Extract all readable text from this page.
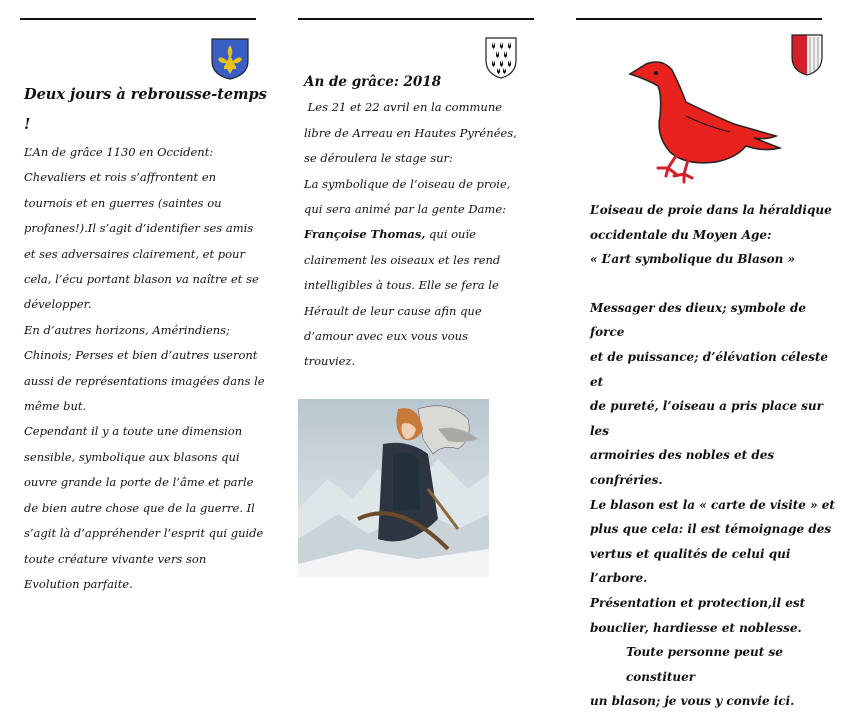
Deux jours à rebrousse-temps !

L’An de grâce 1130 en Occident:

Chevaliers et rois s’affrontent en

tournois et en guerres (saintes ou

profanes!).Il s’agit d’identifier ses amis

et ses adversaires clairement, et pour

cela, l’écu portant blason va naître et se

développer.

En d’autres horizons, Amérindiens;

Chinois; Perses et bien d’autres useront

aussi de représentations imagées dans le

même but.

Cependant il y a toute une dimension

sensible, symbolique aux blasons qui

ouvre grande la porte de l’âme et parle

de bien autre chose que de la guerre. Il

s’agit là d’appréhender l’esprit qui guide

toute créature vivante vers son

Evolution parfaite.

An de grâce: 2018

Les 21 et 22 avril en la commune

libre de Arreau en Hautes Pyrénées,

se déroulera le stage sur:

La symbolique de l’oiseau de proie,

qui sera animé par la gente Dame:

Françoise Thomas, qui ouïe

clairement les oiseaux et les rend

intelligibles à tous. Elle se fera le

Hérault de leur cause afin que

d’amour avec eux vous vous

trouviez.

L’oiseau de proie dans la héraldique

occidentale du Moyen Age:

« L’art symbolique du Blason »

Messager des dieux; symbole de force

et de puissance; d’élévation céleste et

de pureté, l’oiseau a pris place sur les

armoiries des nobles et des confréries.

Le blason est la « carte de visite » et

plus que cela: il est témoignage des

vertus et qualités de celui qui l’arbore.

Présentation et protection,il est

bouclier, hardiesse et noblesse.

Toute personne peut se constituer

un blason; je vous y convie ici.
